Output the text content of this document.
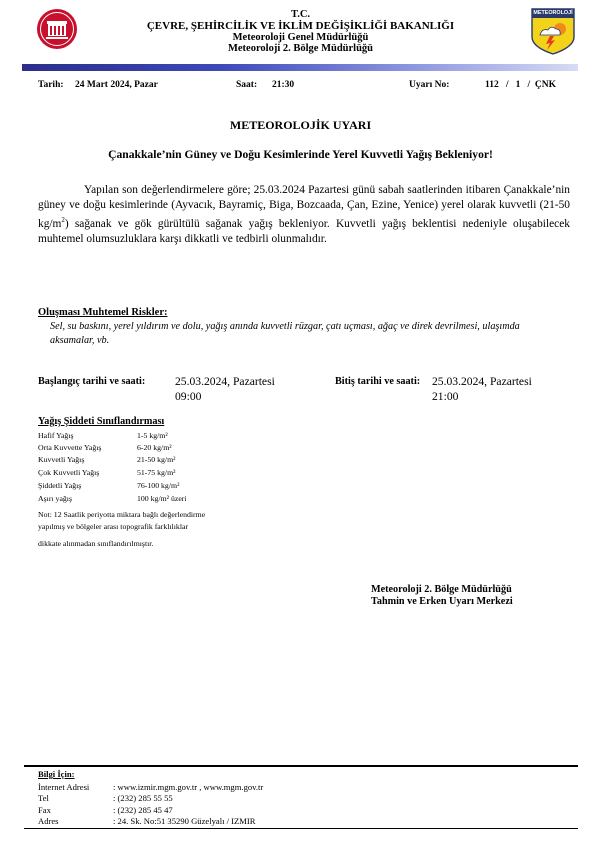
T.C.
ÇEVRE, ŞEHİRCİLİK VE İKLİM DEĞİŞİKLİĞİ BAKANLIĞI
Meteoroloji Genel Müdürlüğü
Meteoroloji 2. Bölge Müdürlüğü
METEOROLOJİ
Tarih: 24 Mart 2024, Pazar	Saat: 21:30	Uyarı No:	112   /   1   /  ÇNK
METEOROLOJİK UYARI
Çanakkale’nin Güney ve Doğu Kesimlerinde Yerel Kuvvetli Yağış Bekleniyor!
Yapılan son değerlendirmelere göre; 25.03.2024 Pazartesi günü sabah saatlerinden itibaren Çanakkale’nin güney ve doğu kesimlerinde (Ayvacık, Bayramiç, Biga, Bozcaada, Çan, Ezine, Yenice) yerel olarak kuvvetli (21-50 $kg/m^2$) sağanak ve gök gürültülü sağanak yağış bekleniyor. Kuvvetli yağış beklentisi nedeniyle oluşabilecek muhtemel olumsuzluklara karşı dikkatli ve tedbirli olunmalıdır.
Oluşması Muhtemel Riskler:
Sel, su baskını, yerel yıldırım ve dolu, yağış anında kuvvetli rüzgar, çatı uçması, ağaç ve direk devrilmesi, ulaşımda aksamalar, vb.
Başlangıç tarihi ve saati:	25.03.2024, Pazartesi
09:00
Bitiş tarihi ve saati: 25.03.2024, Pazartesi
21:00
Yağış Şiddeti Sınıflandırması
Hafif Yağış	1-5 kg/m²
Orta Kuvvette Yağış	6-20 kg/m²
Kuvvetli Yağış	21-50 kg/m²
Çok Kuvvetli Yağış	51-75 kg/m²
Şiddetli Yağış	76-100 kg/m²
Aşırı yağış	100 kg/m² üzeri
Not: 12 Saatlik periyotta miktara bağlı değerlendirme
yapılmış ve bölgeler arası topografik farklılıklar
dikkate alınmadan sınıflandırılmıştır.
Meteoroloji 2. Bölge Müdürlüğü
Tahmin ve Erken Uyarı Merkezi
Bilgi İçin:
İnternet Adresi	: www.izmir.mgm.gov.tr , www.mgm.gov.tr
Tel	: (232) 285 55 55
Fax	: (232) 285 45 47
Adres	: 24. Sk. No:51 35290 Güzelyalı / IZMIR
